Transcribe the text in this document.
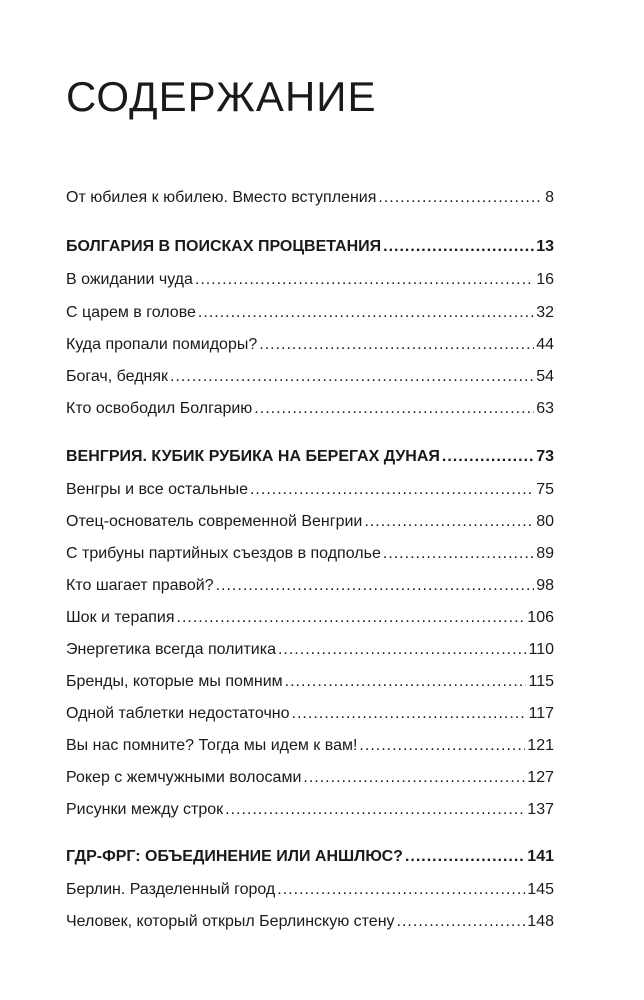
СОДЕРЖАНИЕ
От юбилея к юбилею. Вместо вступления .....	8
БОЛГАРИЯ В ПОИСКАХ ПРОЦВЕТАНИЯ .....	13
В ожидании чуда .....	16
С царем в голове .....	32
Куда пропали помидоры? .....	44
Богач, бедняк .....	54
Кто освободил Болгарию .....	63
ВЕНГРИЯ. КУБИК РУБИКА НА БЕРЕГАХ ДУНАЯ .....	73
Венгры и все остальные .....	75
Отец-основатель современной Венгрии .....	80
С трибуны партийных съездов в подполье .....	89
Кто шагает правой? .....	98
Шок и терапия .....	106
Энергетика всегда политика .....	110
Бренды, которые мы помним .....	115
Одной таблетки недостаточно .....	117
Вы нас помните? Тогда мы идем к вам! .....	121
Рокер с жемчужными волосами .....	127
Рисунки между строк .....	137
ГДР-ФРГ: ОБЪЕДИНЕНИЕ ИЛИ АНШЛЮС? .....	141
Берлин. Разделенный город .....	145
Человек, который открыл Берлинскую стену .....	148
